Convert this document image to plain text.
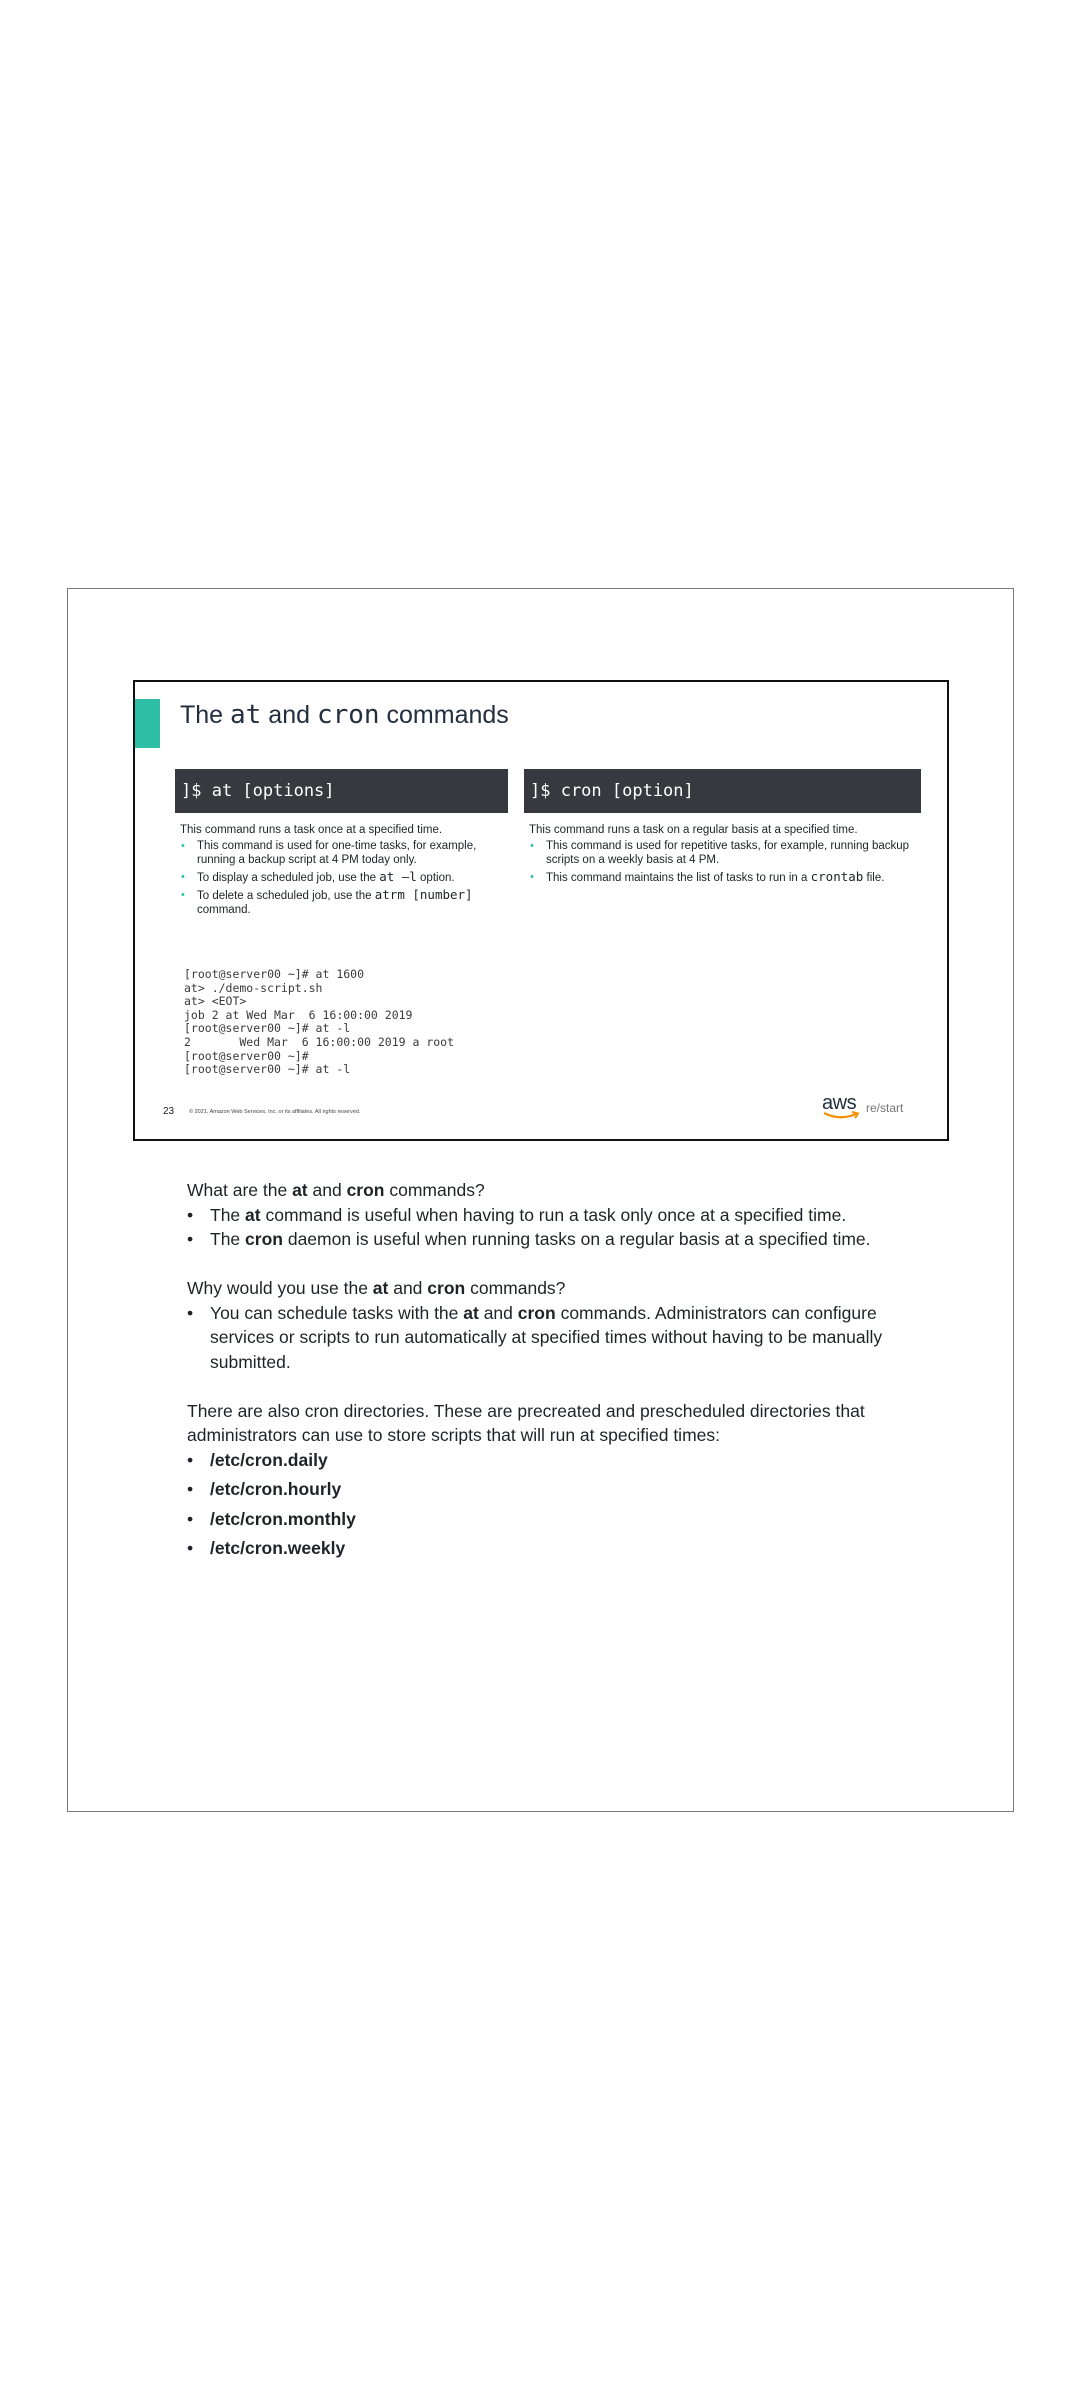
The at and cron commands
]$ at [options]	]$ cron [option]

This command runs a task once at a specified time.

• This command is used for one-time tasks, for example, running a backup script at 4 PM today only.
• To display a scheduled job, use the at –l option.
• To delete a scheduled job, use the atrm [number] command.

This command runs a task on a regular basis at a specified time.

• This command is used for repetitive tasks, for example, running backup scripts on a weekly basis at 4 PM.
• This command maintains the list of tasks to run in a crontab file.
[root@server00 ~]# at 1600
at> ./demo-script.sh
at> <EOT>
job 2 at Wed Mar  6 16:00:00 2019
[root@server00 ~]# at -l
2       Wed Mar  6 16:00:00 2019 a root
[root@server00 ~]#
[root@server00 ~]# at -l
23	© 2021, Amazon Web Services, Inc. or its affiliates. All rights reserved.	aws re/start

What are the at and cron commands?

• The at command is useful when having to run a task only once at a specified time.
• The cron daemon is useful when running tasks on a regular basis at a specified time.

Why would you use the at and cron commands?

• You can schedule tasks with the at and cron commands. Administrators can configure services or scripts to run automatically at specified times without having to be manually submitted.

There are also cron directories. These are precreated and prescheduled directories that administrators can use to store scripts that will run at specified times:

• /etc/cron.daily
• /etc/cron.hourly
• /etc/cron.monthly
• /etc/cron.weekly
